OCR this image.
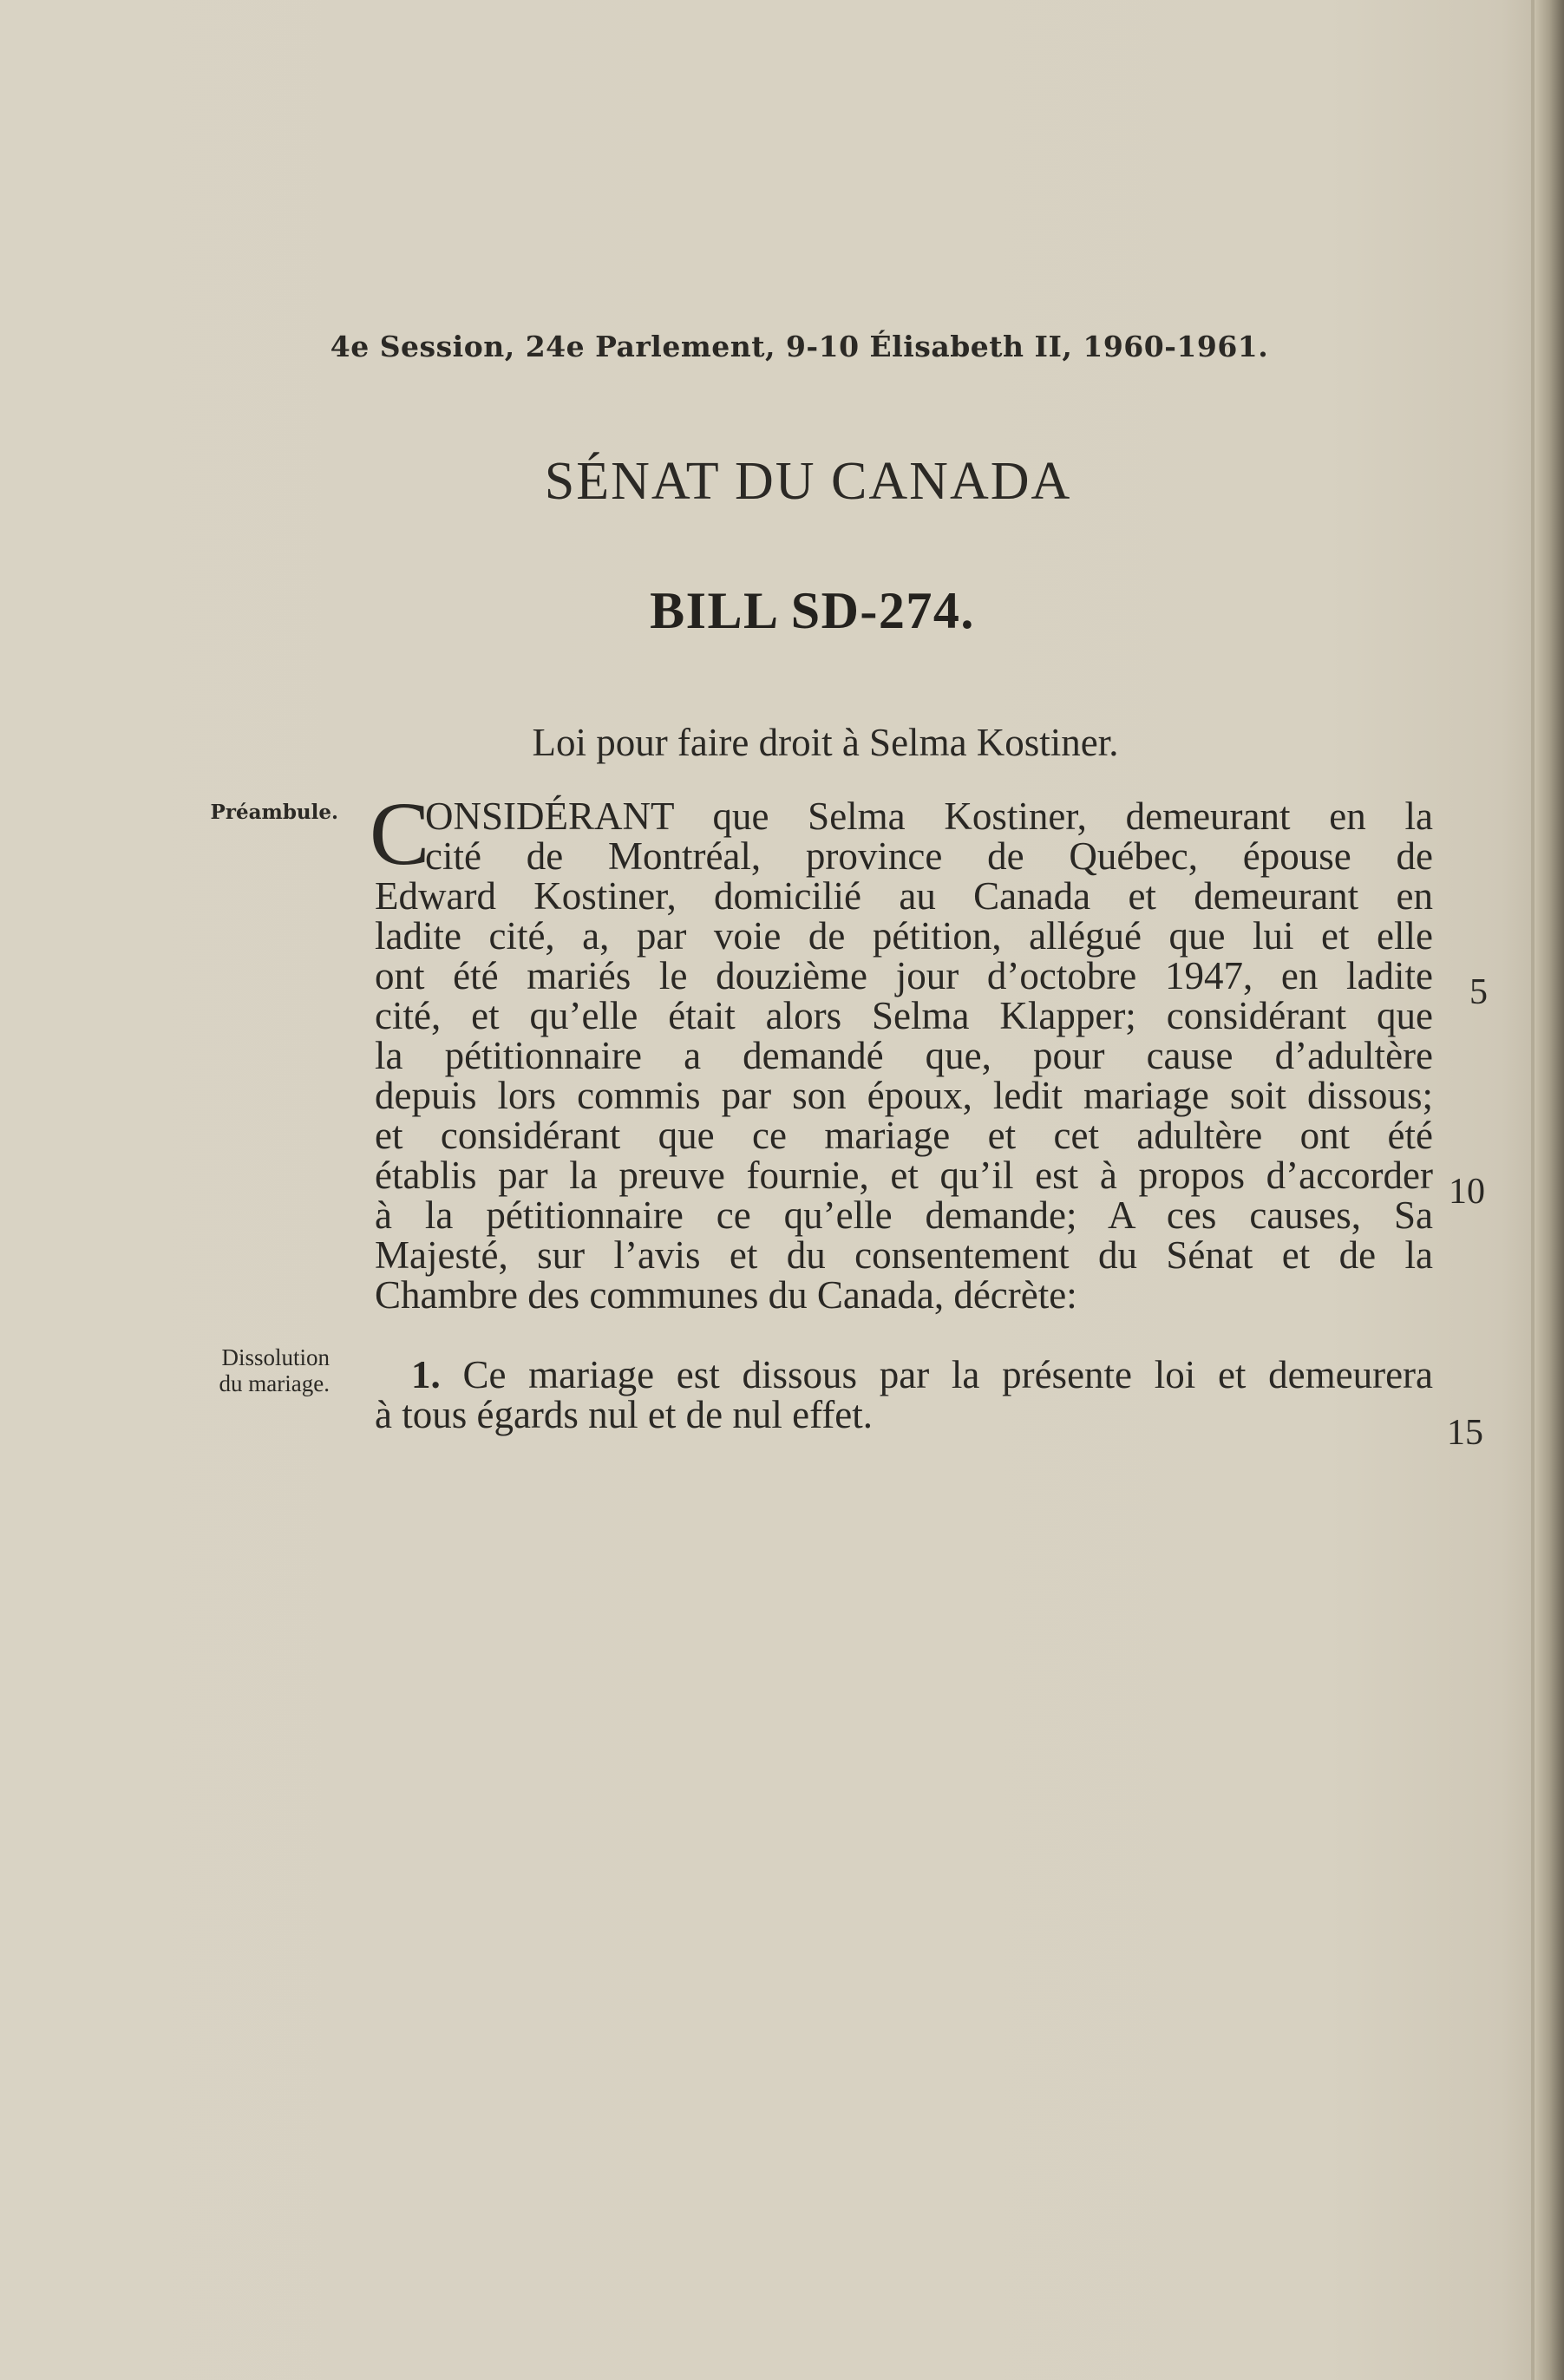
4e Session, 24e Parlement, 9-10 Élisabeth II, 1960-1961.
SÉNAT DU CANADA
BILL SD-274.
Loi pour faire droit à Selma Kostiner.
Préambule.
Dissolution
du mariage.
C
ONSIDÉRANT que Selma Kostiner, demeurant en la
cité de Montréal, province de Québec, épouse de
Edward Kostiner, domicilié au Canada et demeurant en
ladite cité, a, par voie de pétition, allégué que lui et elle
ont été mariés le douzième jour d’octobre 1947, en ladite
cité, et qu’elle était alors Selma Klapper; considérant que
la pétitionnaire a demandé que, pour cause d’adultère
depuis lors commis par son époux, ledit mariage soit dissous;
et considérant que ce mariage et cet adultère ont été
établis par la preuve fournie, et qu’il est à propos d’accorder
à la pétitionnaire ce qu’elle demande; A ces causes, Sa
Majesté, sur l’avis et du consentement du Sénat et de la
Chambre des communes du Canada, décrète:
1. Ce mariage est dissous par la présente loi et demeurera
à tous égards nul et de nul effet.
5
10
15
